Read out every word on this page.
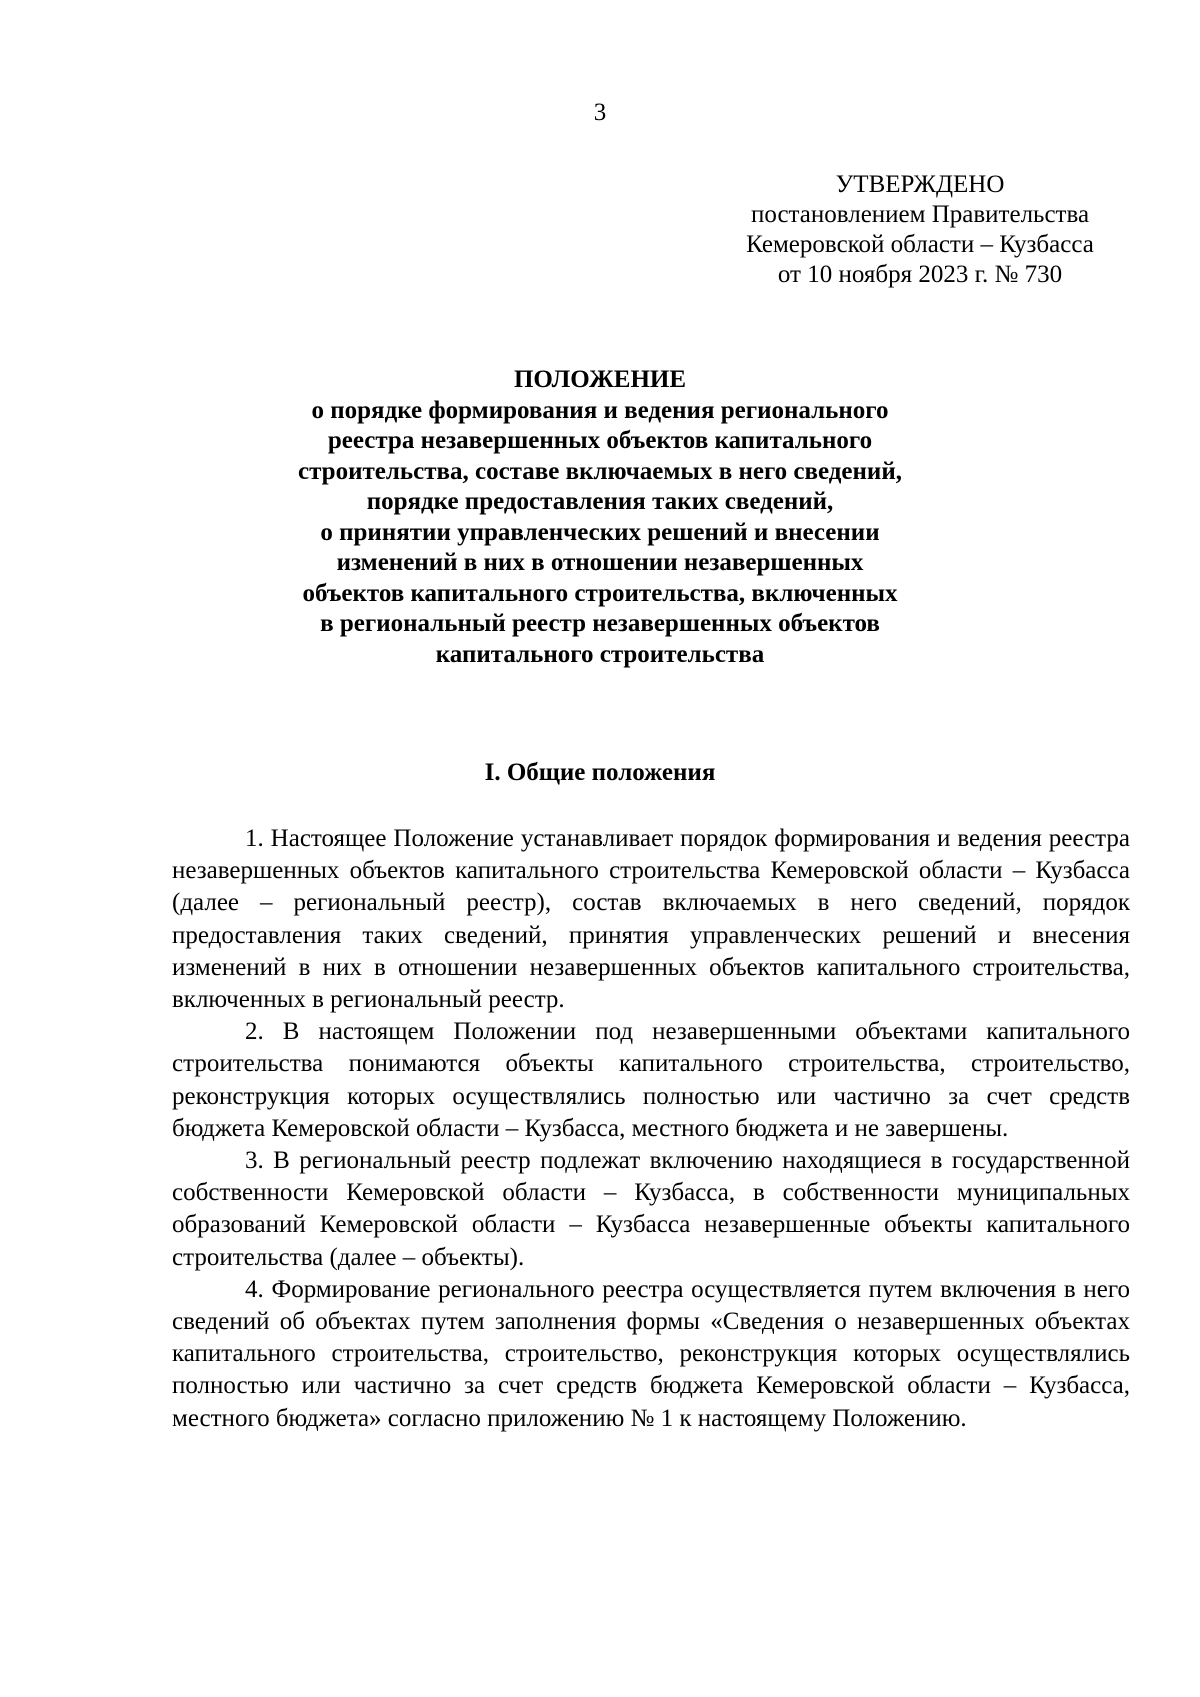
3
УТВЕРЖДЕНО
постановлением Правительства
Кемеровской области – Кузбасса
от 10 ноября 2023 г. № 730
ПОЛОЖЕНИЕ
о порядке формирования и ведения регионального
реестра незавершенных объектов капитального
строительства, составе включаемых в него сведений,
порядке предоставления таких сведений,
о принятии управленческих решений и внесении
изменений в них в отношении незавершенных
объектов капитального строительства, включенных
в региональный реестр незавершенных объектов
капитального строительства
I. Общие положения

1. Настоящее Положение устанавливает порядок формирования и ведения реестра незавершенных объектов капитального строительства Кемеровской области – Кузбасса (далее – региональный реестр), состав включаемых в него сведений, порядок предоставления таких сведений, принятия управленческих решений и внесения изменений в них в отношении незавершенных объектов капитального строительства, включенных в региональный реестр.

2. В настоящем Положении под незавершенными объектами капитального строительства понимаются объекты капитального строительства, строительство, реконструкция которых осуществлялись полностью или частично за счет средств бюджета Кемеровской области – Кузбасса, местного бюджета и не завершены.

3. В региональный реестр подлежат включению находящиеся в государственной собственности Кемеровской области – Кузбасса, в собственности муниципальных образований Кемеровской области – Кузбасса незавершенные объекты капитального строительства (далее – объекты).

4. Формирование регионального реестра осуществляется путем включения в него сведений об объектах путем заполнения формы «Сведения о незавершенных объектах капитального строительства, строительство, реконструкция которых осуществлялись полностью или частично за счет средств бюджета Кемеровской области – Кузбасса, местного бюджета» согласно приложению № 1 к настоящему Положению.
